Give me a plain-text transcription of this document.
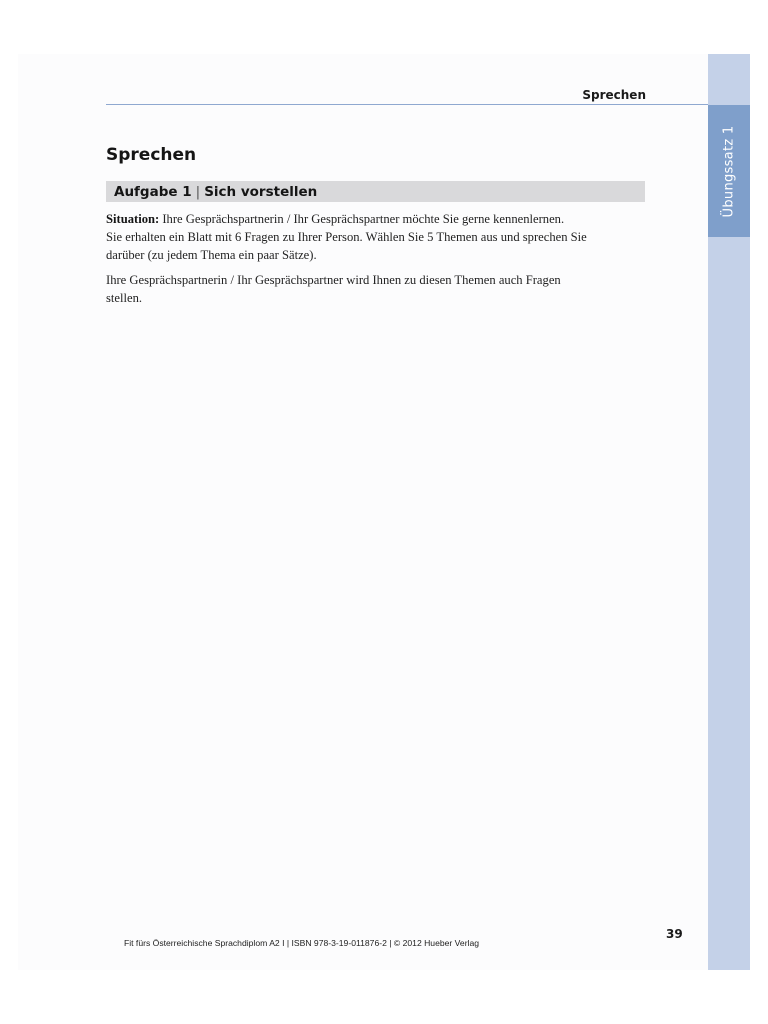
Übungssatz 1
Sprechen
Sprechen
Aufgabe 1 | Sich vorstellen
Situation: Ihre Gesprächspartnerin / Ihr Gesprächspartner möchte Sie gerne kennenlernen.
Sie erhalten ein Blatt mit 6 Fragen zu Ihrer Person. Wählen Sie 5 Themen aus und sprechen Sie
darüber (zu jedem Thema ein paar Sätze).
Ihre Gesprächspartnerin / Ihr Gesprächspartner wird Ihnen zu diesen Themen auch Fragen
stellen.
39
Fit fürs Österreichische Sprachdiplom A2 I | ISBN 978-3-19-011876-2 | © 2012 Hueber Verlag
